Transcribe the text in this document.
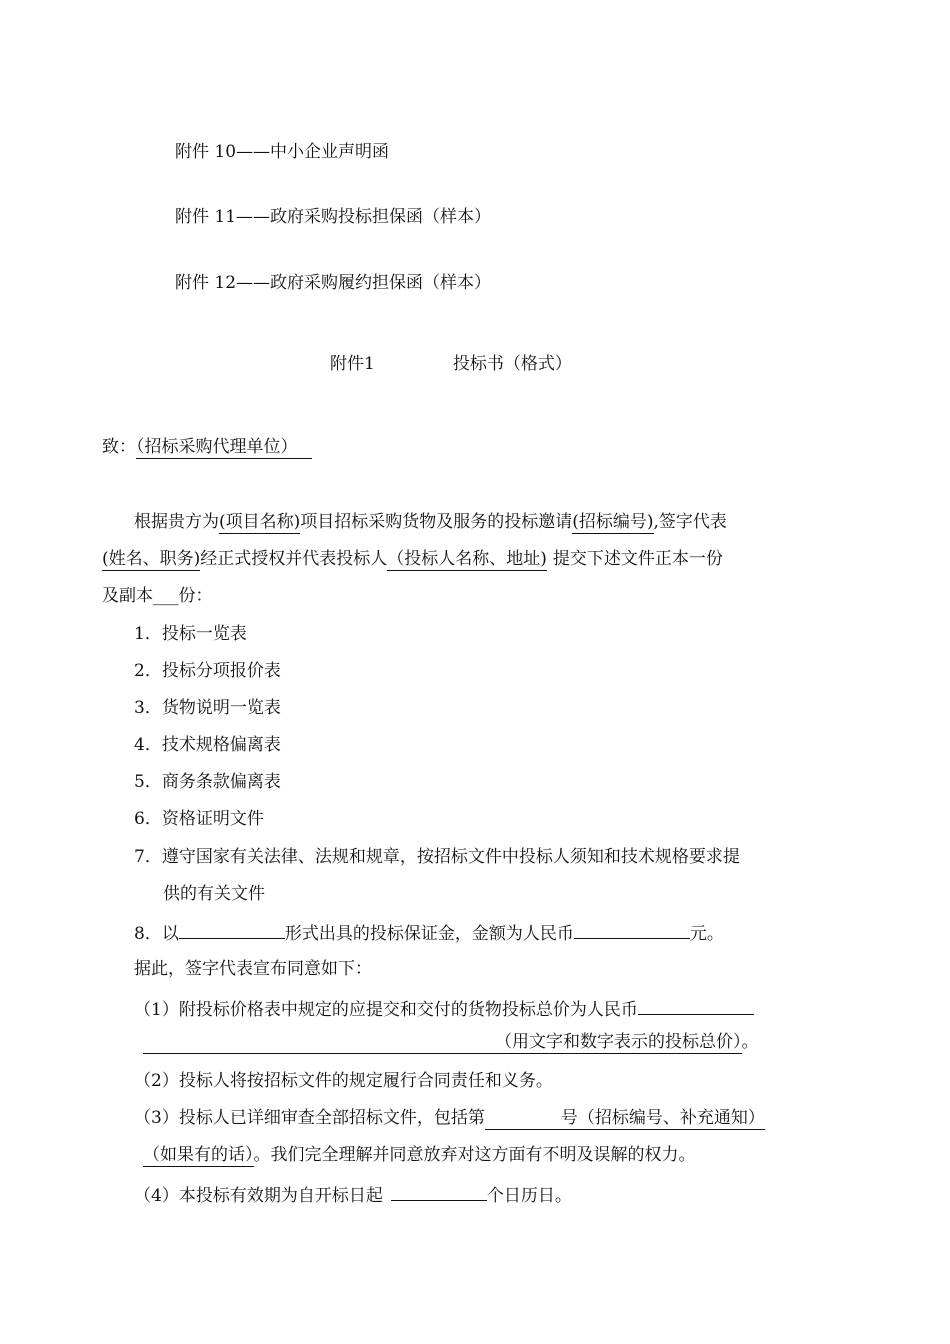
附件 10——中小企业声明函
附件 11——政府采购投标担保函（样本）
附件 12——政府采购履约担保函（样本）
附件1	投标书（格式）
致：（招标采购代理单位）
根据贵方为(项目名称)项目招标采购货物及服务的投标邀请(招标编号),签字代表
(姓名、职务)经正式授权并代表投标人（投标人名称、地址) 提交下述文件正本一份
及副本___份：
1．投标一览表
2．投标分项报价表
3．货物说明一览表
4．技术规格偏离表
5．商务条款偏离表
6．资格证明文件
7．遵守国家有关法律、法规和规章，按招标文件中投标人须知和技术规格要求提
供的有关文件
8．以	形式出具的投标保证金，金额为人民币	元。
据此，签字代表宣布同意如下：
（1）附投标价格表中规定的应提交和交付的货物投标总价为人民币
（用文字和数字表示的投标总价）。
（2）投标人将按招标文件的规定履行合同责任和义务。
（3）投标人已详细审查全部招标文件，包括第	号（招标编号、补充通知）
（如果有的话）。我们完全理解并同意放弃对这方面有不明及误解的权力。
（4）本投标有效期为自开标日起	个日历日。
